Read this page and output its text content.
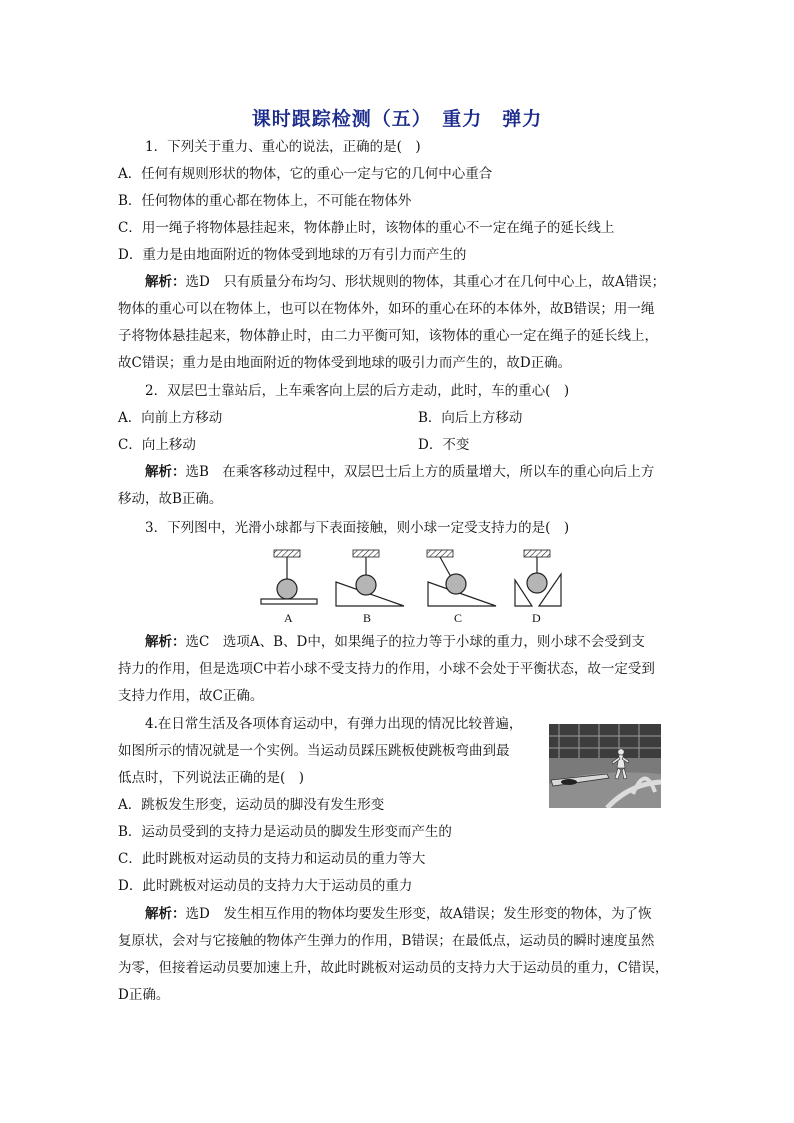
课时跟踪检测（五）　重力　弹力
1．下列关于重力、重心的说法，正确的是(　)
A．任何有规则形状的物体，它的重心一定与它的几何中心重合
B．任何物体的重心都在物体上，不可能在物体外
C．用一绳子将物体悬挂起来，物体静止时，该物体的重心不一定在绳子的延长线上
D．重力是由地面附近的物体受到地球的万有引力而产生的
解析：选D　只有质量分布均匀、形状规则的物体，其重心才在几何中心上，故A错误；
物体的重心可以在物体上，也可以在物体外，如环的重心在环的本体外，故B错误；用一绳
子将物体悬挂起来，物体静止时，由二力平衡可知，该物体的重心一定在绳子的延长线上，
故C错误；重力是由地面附近的物体受到地球的吸引力而产生的，故D正确。
2．双层巴士靠站后，上车乘客向上层的后方走动，此时，车的重心(　)
A．向前上方移动	B．向后上方移动
C．向上移动	D．不变
解析：选B　在乘客移动过程中，双层巴士后上方的质量增大，所以车的重心向后上方
移动，故B正确。
3．下列图中，光滑小球都与下表面接触，则小球一定受支持力的是(　)
A	B	C	D
解析：选C　选项A、B、D中，如果绳子的拉力等于小球的重力，则小球不会受到支
持力的作用，但是选项C中若小球不受支持力的作用，小球不会处于平衡状态，故一定受到
支持力作用，故C正确。
4.在日常生活及各项体育运动中，有弹力出现的情况比较普遍，
如图所示的情况就是一个实例。当运动员踩压跳板使跳板弯曲到最
低点时，下列说法正确的是(　)
A．跳板发生形变，运动员的脚没有发生形变
B．运动员受到的支持力是运动员的脚发生形变而产生的
C．此时跳板对运动员的支持力和运动员的重力等大
D．此时跳板对运动员的支持力大于运动员的重力
解析：选D　发生相互作用的物体均要发生形变，故A错误；发生形变的物体，为了恢
复原状，会对与它接触的物体产生弹力的作用，B错误；在最低点，运动员的瞬时速度虽然
为零，但接着运动员要加速上升，故此时跳板对运动员的支持力大于运动员的重力，C错误，
D正确。
